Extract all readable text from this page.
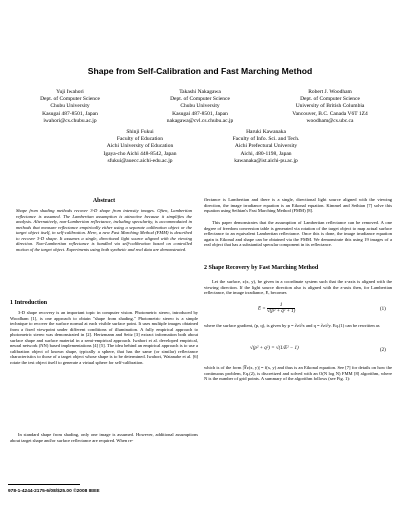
Shape from Self-Calibration and Fast Marching Method
Yuji Iwahori
Dept. of Computer Science
Chubu University
Kasugai 487-8501, Japan
iwahori@cs.chubu.ac.jp
Takashi Nakagawa
Dept. of Computer Science
Chubu University
Kasugai 487-8501, Japan
nakagawa@cvl.cs.chubu.ac.jp
Robert J. Woodham
Dept. of Computer Science
University of British Columbia
Vancouver, B.C. Canada V6T 1Z4
woodham@cs.ubc.ca
Shinji Fukui
Faculty of Education
Aichi University of Education
Igaya-cho Aichi 448-8542, Japan
sfukui@auecc.aichi-edu.ac.jp
Haruki Kawanaka
Faculty of Info. Sci. and Tech.
Aichi Prefectural University
Aichi, 480-1198, Japan
kawanaka@ist.aichi-pu.ac.jp
Abstract

Shape from shading methods recover 3-D shape from intensity images. Often, Lambertian reflectance is assumed. The Lambertian assumption is attractive because it simplifies the analysis. Alternatively, non-Lambertian reflectance, including specularity, is accommodated in methods that measure reflectance empirically either using a separate calibration object or the target object itself, in self-calibration. Here, a new Fast Marching Method (FMM) is described to recover 3-D shape. It assumes a single, directional light source aligned with the viewing direction. Non-Lambertian reflectance is handled via self-calibration based on controlled motion of the target object. Experiments using both synthetic and real data are demonstrated.

1 Introduction

3-D shape recovery is an important topic in computer vision. Photometric stereo, introduced by Woodham [1], is one approach to obtain "shape from shading." Photometric stereo is a simple technique to recover the surface normal at each visible surface point. It uses multiple images obtained from a fixed viewpoint under different conditions of illumination. A fully empirical approach to photometric stereo was demonstrated in [2]. Hertzmann and Seitz [3] extract information both about surface shape and surface material in a semi-empirical approach. Iwahori et al. developed empirical, neural network (NN) based implementations [4] [5]. The idea behind an empirical approach is to use a calibration object of known shape, typically a sphere, that has the same (or similar) reflectance characteristics to those of a target object whose shape is to be determined. Iwahori, Watanabe et al. [6] rotate the test object itself to generate a virtual sphere for self-calibration.

In standard shape from shading, only one image is assumed. However, additional assumptions about target shape and/or surface reflectance are required. When re-

flectance is Lambertian and there is a single, directional light source aligned with the viewing direction, the image irradiance equation is an Eikonal equation. Kimmel and Sethian [7] solve this equation using Sethian's Fast Marching Method (FMM) [8].

This paper demonstrates that the assumption of Lambertian reflectance can be removed. A one degree of freedom conversion table is generated via rotation of the target object to map actual surface reflectance to an equivalent Lambertian reflectance. Once this is done, the image irradiance equation again is Eikonal and shape can be obtained via the FMM. We demonstrate this using 19 images of a real object that has a substantial specular component in its reflectance.

2 Shape Recovery by Fast Marching Method

Let the surface, z(x, y), be given in a coordinate system such that the z-axis is aligned with the viewing direction. If the light source direction also is aligned with the z-axis then, for Lambertian reflectance, the image irradiance, E, becomes

$E = \frac{1}{\text{√(p² + q² + 1)}}$	(1)

where the surface gradient, (p, q), is given by p = ∂z/∂x and q = ∂z/∂y. Eq.(1) can be rewritten as

√(p² + q²) = √(1/E² − 1)	(2)

which is of the form |∇z(x, y)| = f(x, y) and thus is an Eikonal equation. See [7] for details on how the continuous problem, Eq.(2), is discretized and solved with an O(N log N) FMM [8] algorithm, where N is the number of grid points. A summary of the algorithm follows (see Fig. 1):

978-1-4244-2175-6/08/$25.00 ©2008 IEEE
